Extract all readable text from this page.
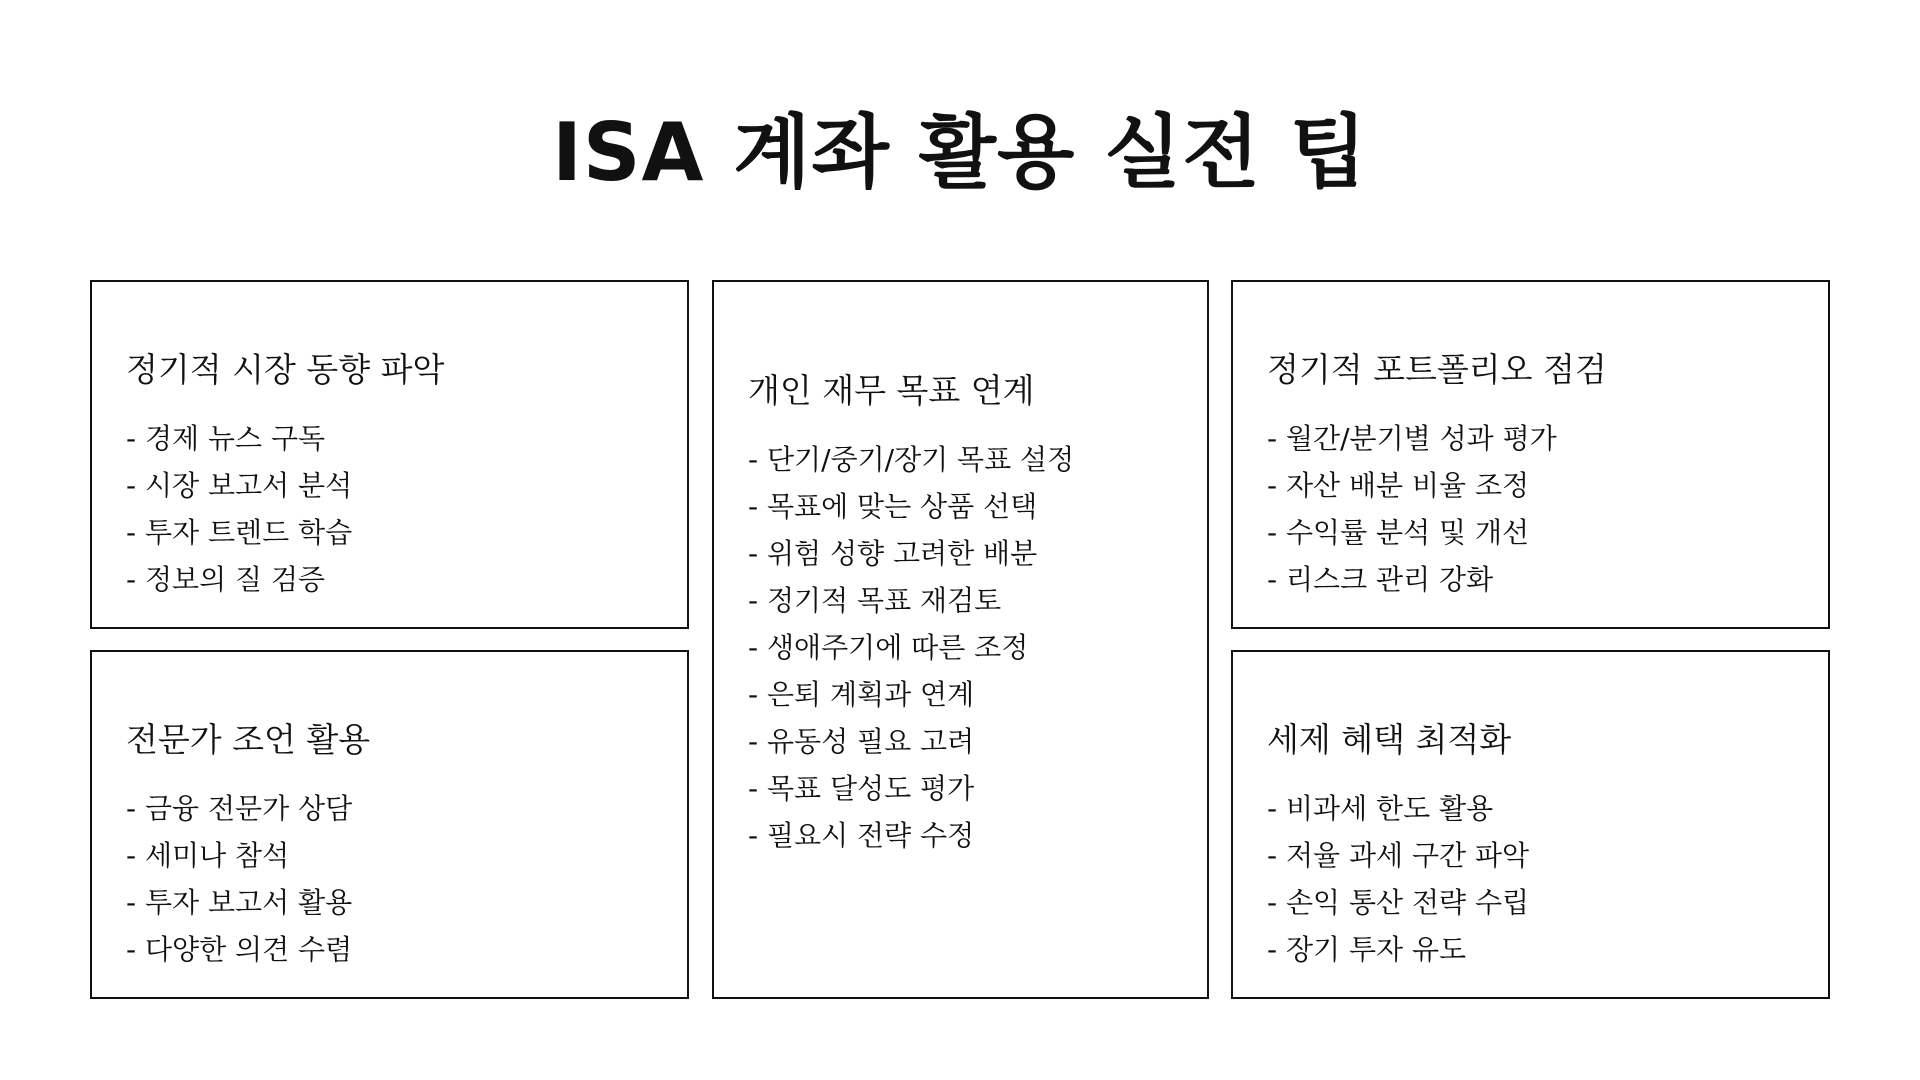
ISA 계좌 활용 실전 팁
정기적 시장 동향 파악
- 경제 뉴스 구독
- 시장 보고서 분석
- 투자 트렌드 학습
- 정보의 질 검증
전문가 조언 활용
- 금융 전문가 상담
- 세미나 참석
- 투자 보고서 활용
- 다양한 의견 수렴
개인 재무 목표 연계
- 단기/중기/장기 목표 설정
- 목표에 맞는 상품 선택
- 위험 성향 고려한 배분
- 정기적 목표 재검토
- 생애주기에 따른 조정
- 은퇴 계획과 연계
- 유동성 필요 고려
- 목표 달성도 평가
- 필요시 전략 수정
정기적 포트폴리오 점검
- 월간/분기별 성과 평가
- 자산 배분 비율 조정
- 수익률 분석 및 개선
- 리스크 관리 강화
세제 혜택 최적화
- 비과세 한도 활용
- 저율 과세 구간 파악
- 손익 통산 전략 수립
- 장기 투자 유도
